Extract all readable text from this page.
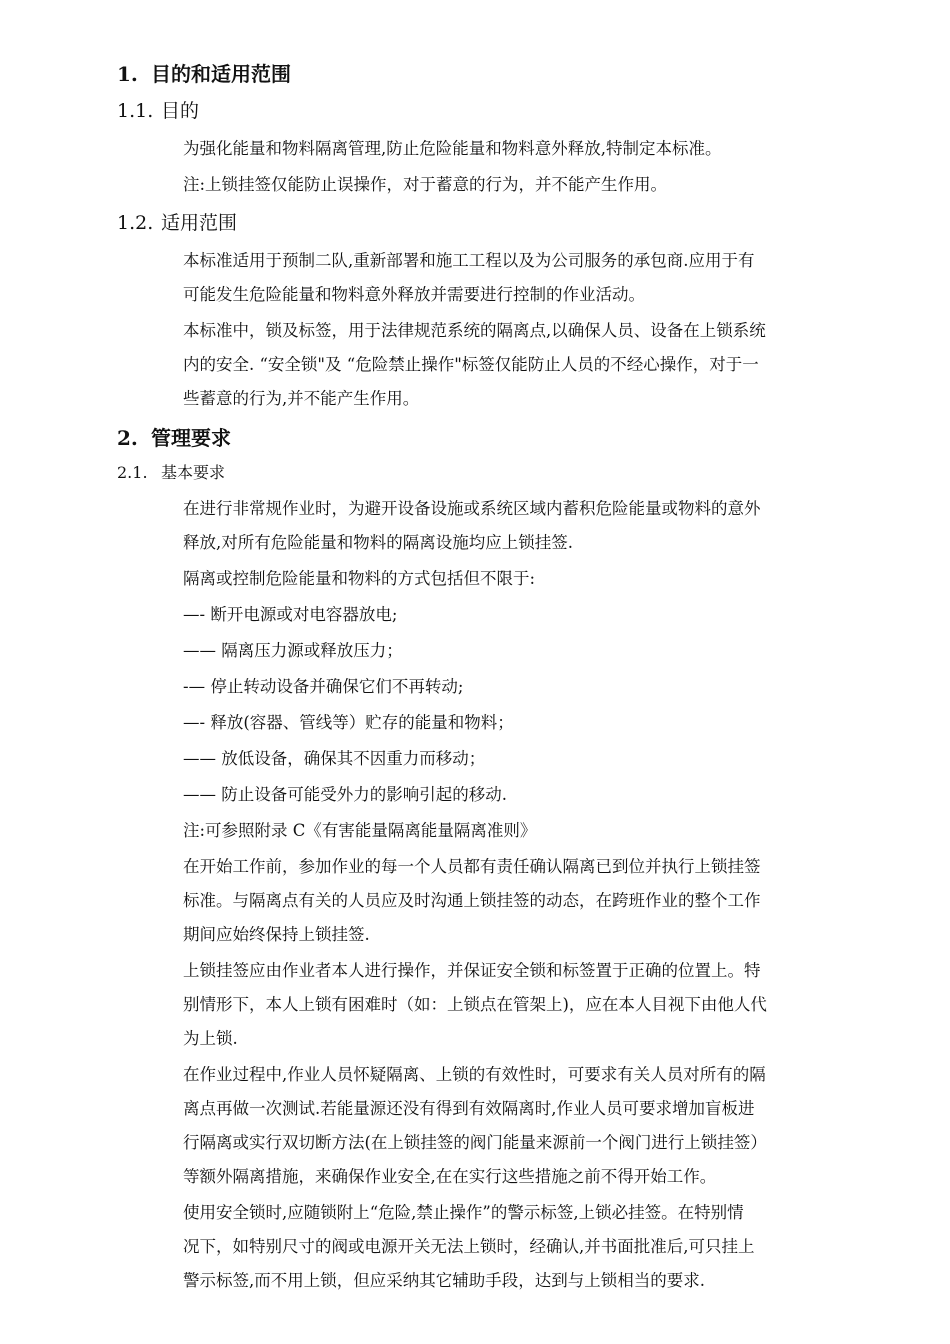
1. 目的和适用范围
1.1. 目的
为强化能量和物料隔离管理,防止危险能量和物料意外释放,特制定本标准。
注:上锁挂签仅能防止误操作，对于蓄意的行为，并不能产生作用。
1.2. 适用范围
本标准适用于预制二队,重新部署和施工工程以及为公司服务的承包商.应用于有
可能发生危险能量和物料意外释放并需要进行控制的作业活动。
本标准中，锁及标签，用于法律规范系统的隔离点,以确保人员、设备在上锁系统
内的安全. “安全锁"及 “危险禁止操作"标签仅能防止人员的不经心操作，对于一
些蓄意的行为,并不能产生作用。
2. 管理要求
2.1. 基本要求
在进行非常规作业时，为避开设备设施或系统区域内蓄积危险能量或物料的意外
释放,对所有危险能量和物料的隔离设施均应上锁挂签.
隔离或控制危险能量和物料的方式包括但不限于:
—- 断开电源或对电容器放电;
—— 隔离压力源或释放压力；
-— 停止转动设备并确保它们不再转动;
—- 释放(容器、管线等）贮存的能量和物料；
—— 放低设备，确保其不因重力而移动；
—— 防止设备可能受外力的影响引起的移动.
注:可参照附录 C《有害能量隔离能量隔离准则》
在开始工作前，参加作业的每一个人员都有责任确认隔离已到位并执行上锁挂签
标准。与隔离点有关的人员应及时沟通上锁挂签的动态，在跨班作业的整个工作
期间应始终保持上锁挂签.
上锁挂签应由作业者本人进行操作，并保证安全锁和标签置于正确的位置上。特
别情形下，本人上锁有困难时（如：上锁点在管架上)，应在本人目视下由他人代
为上锁.
在作业过程中,作业人员怀疑隔离、上锁的有效性时，可要求有关人员对所有的隔
离点再做一次测试.若能量源还没有得到有效隔离时,作业人员可要求增加盲板进
行隔离或实行双切断方法(在上锁挂签的阀门能量来源前一个阀门进行上锁挂签）
等额外隔离措施，来确保作业安全,在在实行这些措施之前不得开始工作。
使用安全锁时,应随锁附上“危险,禁止操作”的警示标签,上锁必挂签。在特别情
况下，如特别尺寸的阀或电源开关无法上锁时，经确认,并书面批准后,可只挂上
警示标签,而不用上锁，但应采纳其它辅助手段，达到与上锁相当的要求.
